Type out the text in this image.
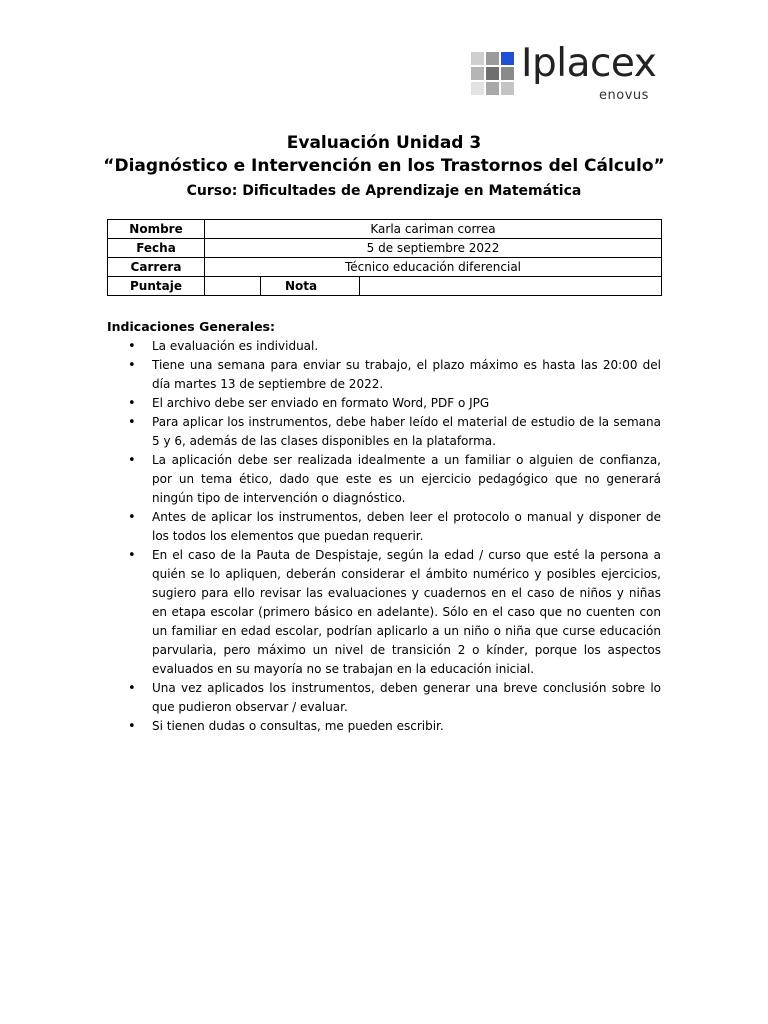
Iplacex
enovus
Evaluación Unidad 3
“Diagnóstico e Intervención en los Trastornos del Cálculo”
Curso: Dificultades de Aprendizaje en Matemática
Nombre	Karla cariman correa		
Fecha	5 de septiembre 2022		
Carrera	Técnico educación diferencial		
Puntaje		Nota	
Indicaciones Generales:
• La evaluación es individual.
• Tiene una semana para enviar su trabajo, el plazo máximo es hasta las 20:00 del día martes 13 de septiembre de 2022.
• El archivo debe ser enviado en formato Word, PDF o JPG
• Para aplicar los instrumentos, debe haber leído el material de estudio de la semana 5 y 6, además de las clases disponibles en la plataforma.
• La aplicación debe ser realizada idealmente a un familiar o alguien de confianza, por un tema ético, dado que este es un ejercicio pedagógico que no generará ningún tipo de intervención o diagnóstico.
• Antes de aplicar los instrumentos, deben leer el protocolo o manual y disponer de los todos los elementos que puedan requerir.
• En el caso de la Pauta de Despistaje, según la edad / curso que esté la persona a quién se lo apliquen, deberán considerar el ámbito numérico y posibles ejercicios, sugiero para ello revisar las evaluaciones y cuadernos en el caso de niños y niñas en etapa escolar (primero básico en adelante). Sólo en el caso que no cuenten con un familiar en edad escolar, podrían aplicarlo a un niño o niña que curse educación parvularia, pero máximo un nivel de transición 2 o kínder, porque los aspectos evaluados en su mayoría no se trabajan en la educación inicial.
• Una vez aplicados los instrumentos, deben generar una breve conclusión sobre lo que pudieron observar / evaluar.
• Si tienen dudas o consultas, me pueden escribir.
